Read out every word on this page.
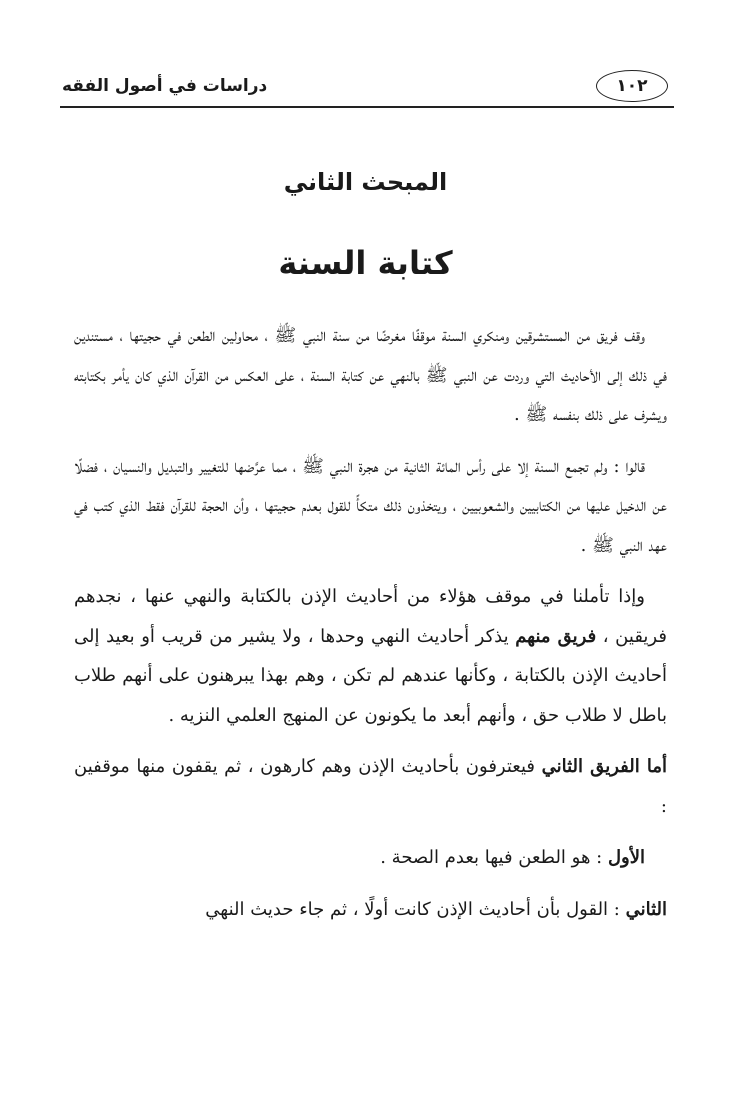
دراسات في أصول الفقه	١٠٢
المبحث الثاني
كتابة السنة

وقف فريق من المستشرقين ومنكري السنة موقفًا مغرضًا من سنة النبي ﷺ ، محاولين الطعن في حجيتها ، مستندين في ذلك إلى الأحاديث التي وردت عن النبي ﷺ بالنهي عن كتابة السنة ، على العكس من القرآن الذي كان يأمر بكتابته ويشرف على ذلك بنفسه ﷺ .

قالوا : ولم تجمع السنة إلا على رأس المائة الثانية من هجرة النبي ﷺ ، مما عرَّضها للتغيير والتبديل والنسيان ، فضلًا عن الدخيل عليها من الكتابيين والشعوبيين ، ويتخذون ذلك متكأً للقول بعدم حجيتها ، وأن الحجة للقرآن فقط الذي كتب في عهد النبي ﷺ .

وإذا تأملنا في موقف هؤلاء من أحاديث الإذن بالكتابة والنهي عنها ، نجدهم فريقين ، فريق منهم يذكر أحاديث النهي وحدها ، ولا يشير من قريب أو بعيد إلى أحاديث الإذن بالكتابة ، وكأنها عندهم لم تكن ، وهم بهذا يبرهنون على أنهم طلاب باطل لا طلاب حق ، وأنهم أبعد ما يكونون عن المنهج العلمي النزيه .

أما الفريق الثاني فيعترفون بأحاديث الإذن وهم كارهون ، ثم يقفون منها موقفين :

الأول : هو الطعن فيها بعدم الصحة .

الثاني : القول بأن أحاديث الإذن كانت أولًا ، ثم جاء حديث النهي
